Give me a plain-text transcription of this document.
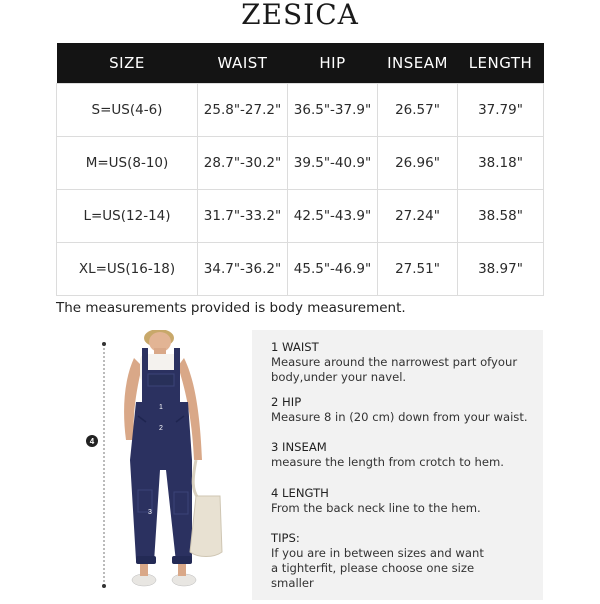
ZESICA
SIZE	WAIST	HIP	INSEAM	LENGTH
S=US(4-6)	25.8"-27.2"	36.5"-37.9"	26.57"	37.79"
M=US(8-10)	28.7"-30.2"	39.5"-40.9"	26.96"	38.18"
L=US(12-14)	31.7"-33.2"	42.5"-43.9"	27.24"	38.58"
XL=US(16-18)	34.7"-36.2"	45.5"-46.9"	27.51"	38.97"
The measurements provided is body measurement.
1
2
3
4
1 WAIST
Measure around the narrowest part ofyour body,under your navel.
2 HIP
Measure 8 in (20 cm) down from your waist.
3 INSEAM
measure the length from crotch to hem.
4 LENGTH
From the back neck line to the hem.
TIPS:
If you are in between sizes and want a tighterfit, please choose one size smaller
